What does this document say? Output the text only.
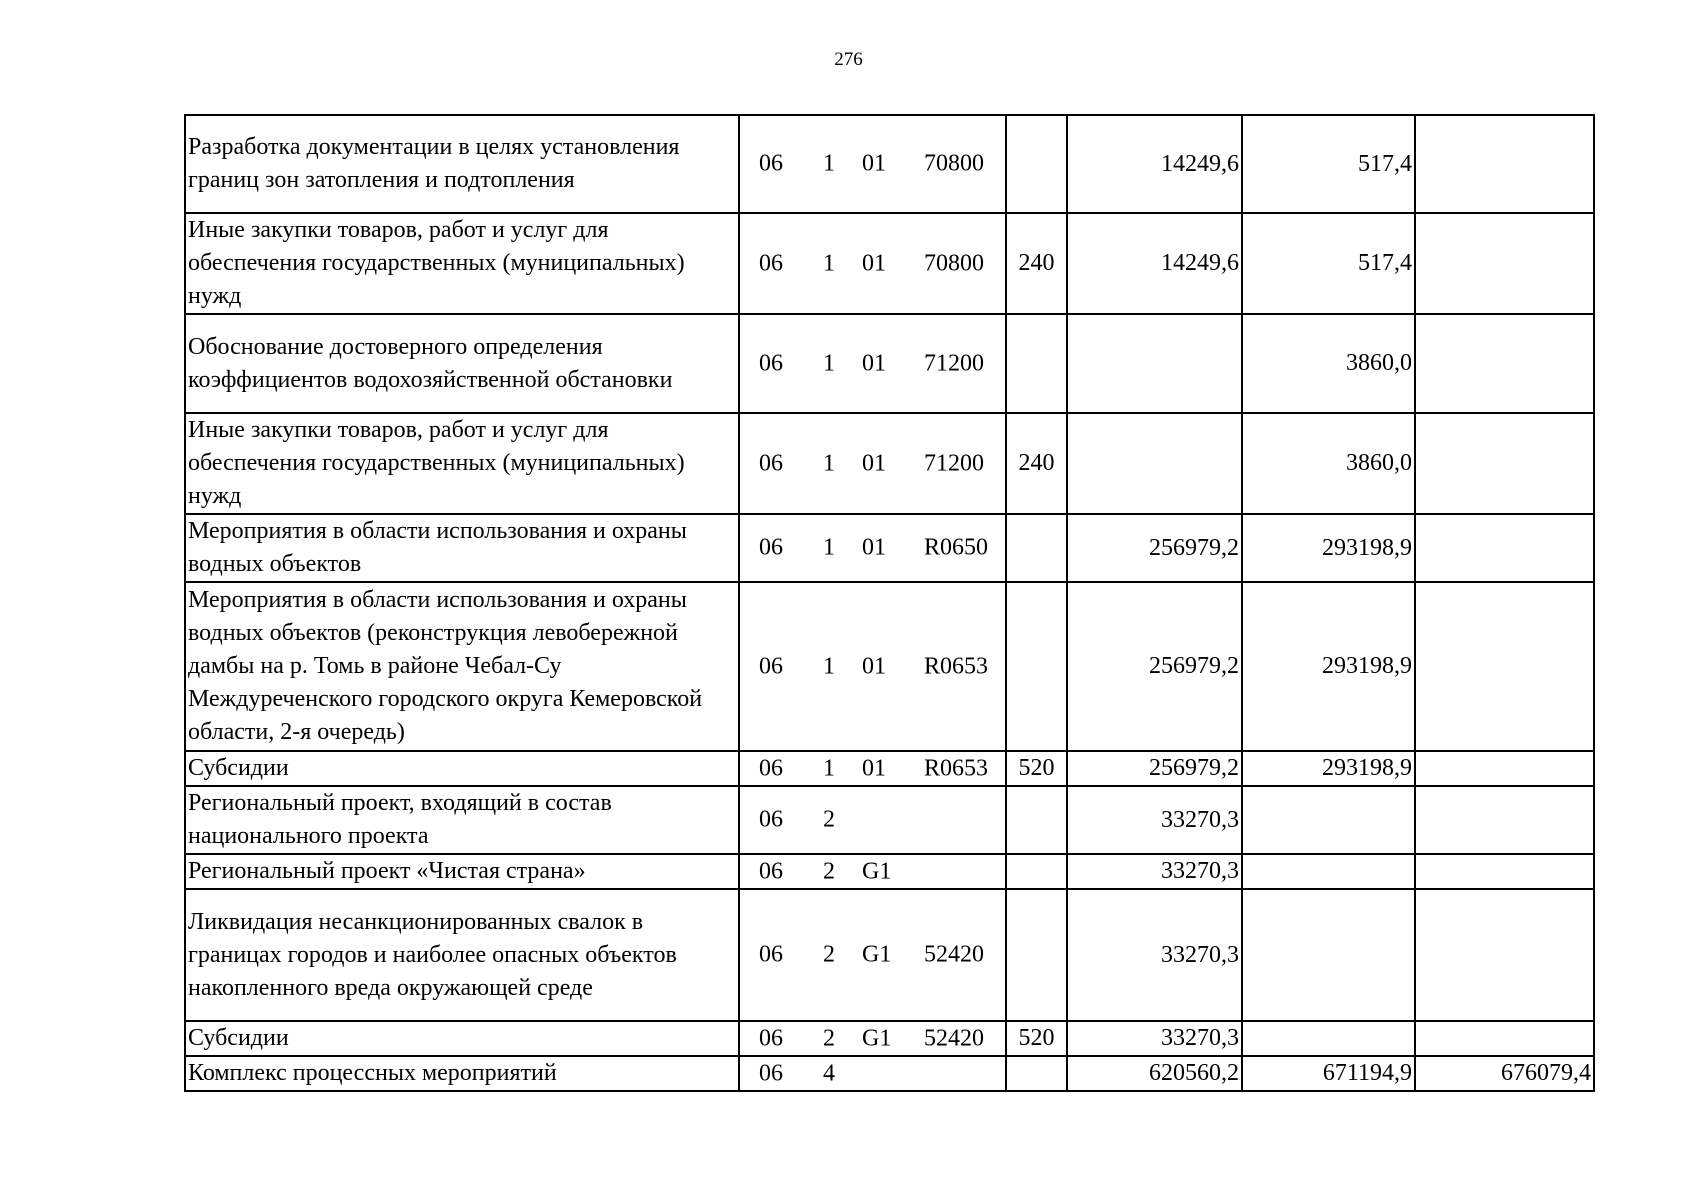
276
Разработка документации в целях установления границ зон затопления и подтопления	06 1 01 70800		14249,6	517,4	
Иные закупки товаров, работ и услуг для обеспечения государственных (муниципальных) нужд	06 1 01 70800	240	14249,6	517,4	
Обоснование достоверного определения коэффициентов водохозяйственной обстановки	06 1 01 71200			3860,0	
Иные закупки товаров, работ и услуг для обеспечения государственных (муниципальных) нужд	06 1 01 71200	240		3860,0	
Мероприятия в области использования и охраны водных объектов	06 1 01 R0650		256979,2	293198,9	
Мероприятия в области использования и охраны водных объектов (реконструкция левобережной дамбы на р. Томь в районе Чебал-Су Междуреченского городского округа Кемеровской области, 2-я очередь)	06 1 01 R0653		256979,2	293198,9	
Субсидии	06 1 01 R0653	520	256979,2	293198,9	
Региональный проект, входящий в состав национального проекта	06 2		33270,3		
Региональный проект «Чистая страна»	06 2 G1		33270,3		
Ликвидация несанкционированных свалок в границах городов и наиболее опасных объектов накопленного вреда окружающей среде	06 2 G1 52420		33270,3		
Субсидии	06 2 G1 52420	520	33270,3		
Комплекс процессных мероприятий	06 4		620560,2	671194,9	676079,4
